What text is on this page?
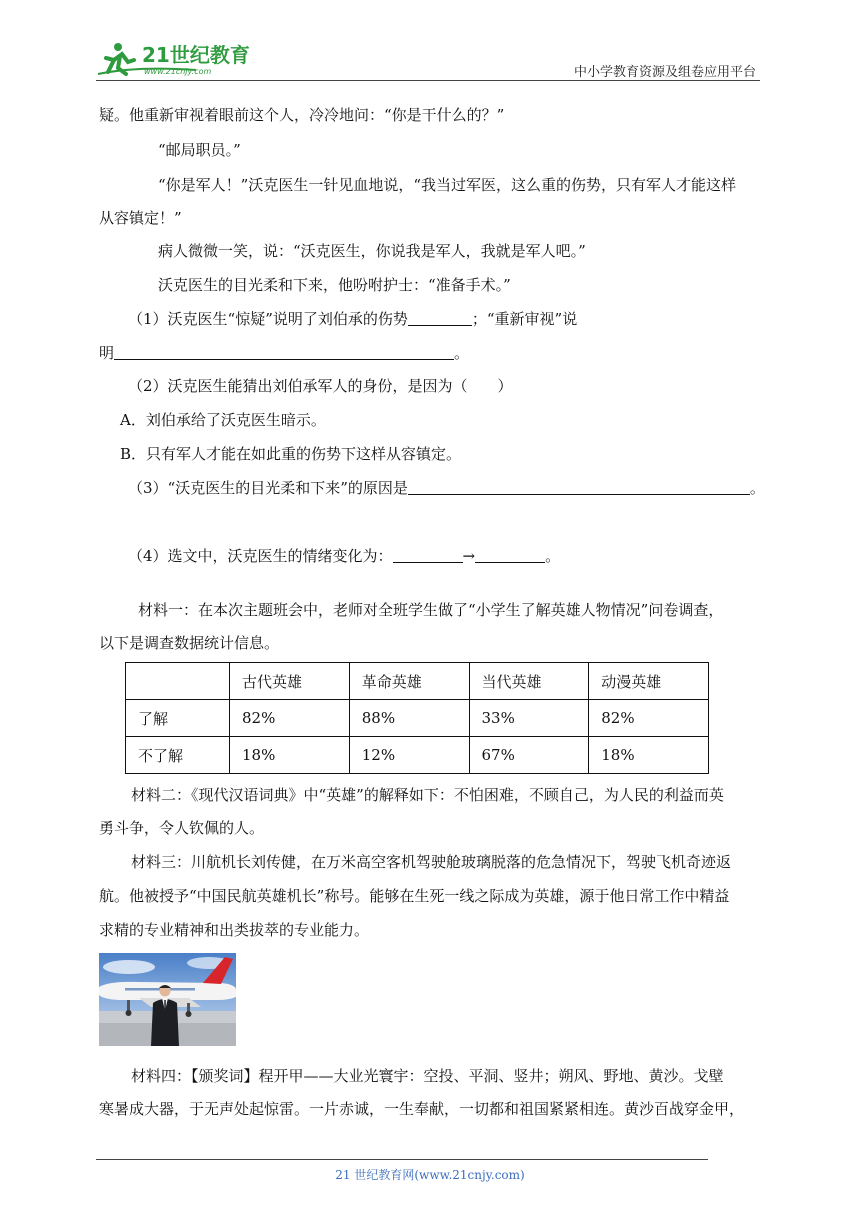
21世纪教育
www.21cnjy.com	中小学教育资源及组卷应用平台
疑。他重新审视着眼前这个人，冷冷地问：“你是干什么的？”
“邮局职员。”
“你是军人！”沃克医生一针见血地说，“我当过军医，这么重的伤势，只有军人才能这样
从容镇定！”
病人微微一笑，说：“沃克医生，你说我是军人，我就是军人吧。”
沃克医生的目光柔和下来，他吩咐护士：“准备手术。”
（1）沃克医生“惊疑”说明了刘伯承的伤势	；“重新审视”说
明	。
（2）沃克医生能猜出刘伯承军人的身份，是因为（　　）
A．刘伯承给了沃克医生暗示。
B．只有军人才能在如此重的伤势下这样从容镇定。
（3）“沃克医生的目光柔和下来”的原因是	。
（4）选文中，沃克医生的情绪变化为：	→	。
材料一：在本次主题班会中，老师对全班学生做了“小学生了解英雄人物情况”问卷调查，
以下是调查数据统计信息。
	古代英雄	革命英雄	当代英雄	动漫英雄
了解	82%	88%	33%	82%
不了解	18%	12%	67%	18%
材料二：《现代汉语词典》中“英雄”的解释如下：不怕困难，不顾自己，为人民的利益而英
勇斗争，令人钦佩的人。
材料三：川航机长刘传健，在万米高空客机驾驶舱玻璃脱落的危急情况下，驾驶飞机奇迹返
航。他被授予“中国民航英雄机长”称号。能够在生死一线之际成为英雄，源于他日常工作中精益
求精的专业精神和出类拔萃的专业能力。
材料四：【颁奖词】程开甲——大业光寰宇：空投、平洞、竖井；朔风、野地、黄沙。戈壁
寒暑成大器，于无声处起惊雷。一片赤诚，一生奉献，一切都和祖国紧紧相连。黄沙百战穿金甲，
21 世纪教育网(www.21cnjy.com)
